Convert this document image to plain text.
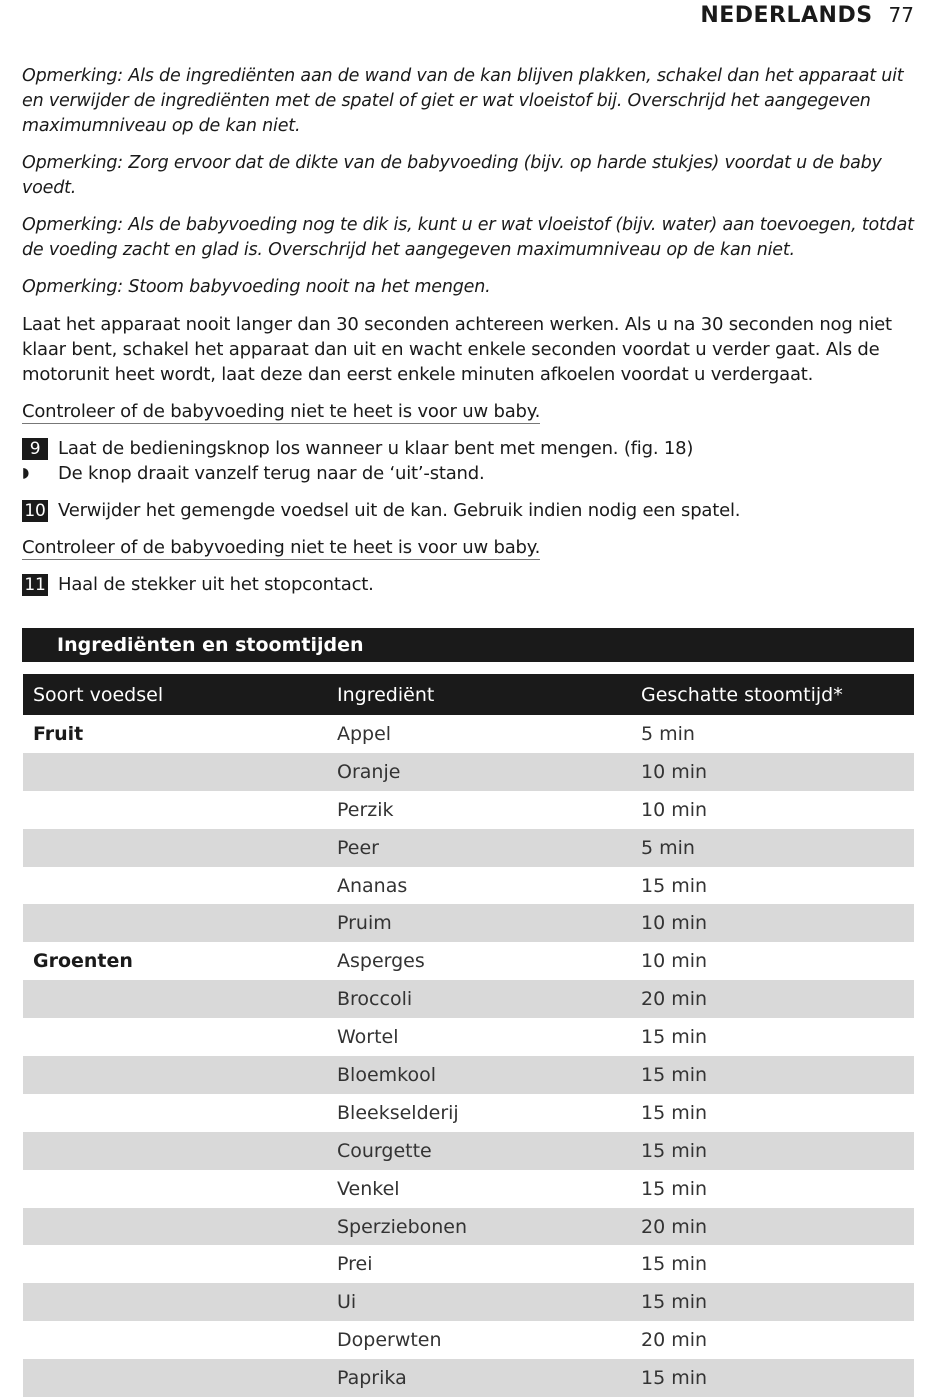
NEDERLANDS 77

Opmerking: Als de ingrediënten aan de wand van de kan blijven plakken, schakel dan het apparaat uit en verwijder de ingrediënten met de spatel of giet er wat vloeistof bij. Overschrijd het aangegeven maximumniveau op de kan niet.

Opmerking: Zorg ervoor dat de dikte van de babyvoeding (bijv. op harde stukjes) voordat u de baby voedt.

Opmerking: Als de babyvoeding nog te dik is, kunt u er wat vloeistof (bijv. water) aan toevoegen, totdat de voeding zacht en glad is. Overschrijd het aangegeven maximumniveau op de kan niet.

Opmerking: Stoom babyvoeding nooit na het mengen.

Laat het apparaat nooit langer dan 30 seconden achtereen werken. Als u na 30 seconden nog niet klaar bent, schakel het apparaat dan uit en wacht enkele seconden voordat u verder gaat. Als de motorunit heet wordt, laat deze dan eerst enkele minuten afkoelen voordat u verdergaat.

Controleer of de babyvoeding niet te heet is voor uw baby.

9 Laat de bedieningsknop los wanneer u klaar bent met mengen. (fig. 18)
◗	De knop draait vanzelf terug naar de ‘uit’-stand.
10 Verwijder het gemengde voedsel uit de kan. Gebruik indien nodig een spatel.

Controleer of de babyvoeding niet te heet is voor uw baby.

11 Haal de stekker uit het stopcontact.
Ingrediënten en stoomtijden
Soort voedsel	Ingrediënt	Geschatte stoomtijd*
Fruit	Appel	5 min
	Oranje	10 min
	Perzik	10 min
	Peer	5 min
	Ananas	15 min
	Pruim	10 min
Groenten	Asperges	10 min
	Broccoli	20 min
	Wortel	15 min
	Bloemkool	15 min
	Bleekselderij	15 min
	Courgette	15 min
	Venkel	15 min
	Sperziebonen	20 min
	Prei	15 min
	Ui	15 min
	Doperwten	20 min
	Paprika	15 min
